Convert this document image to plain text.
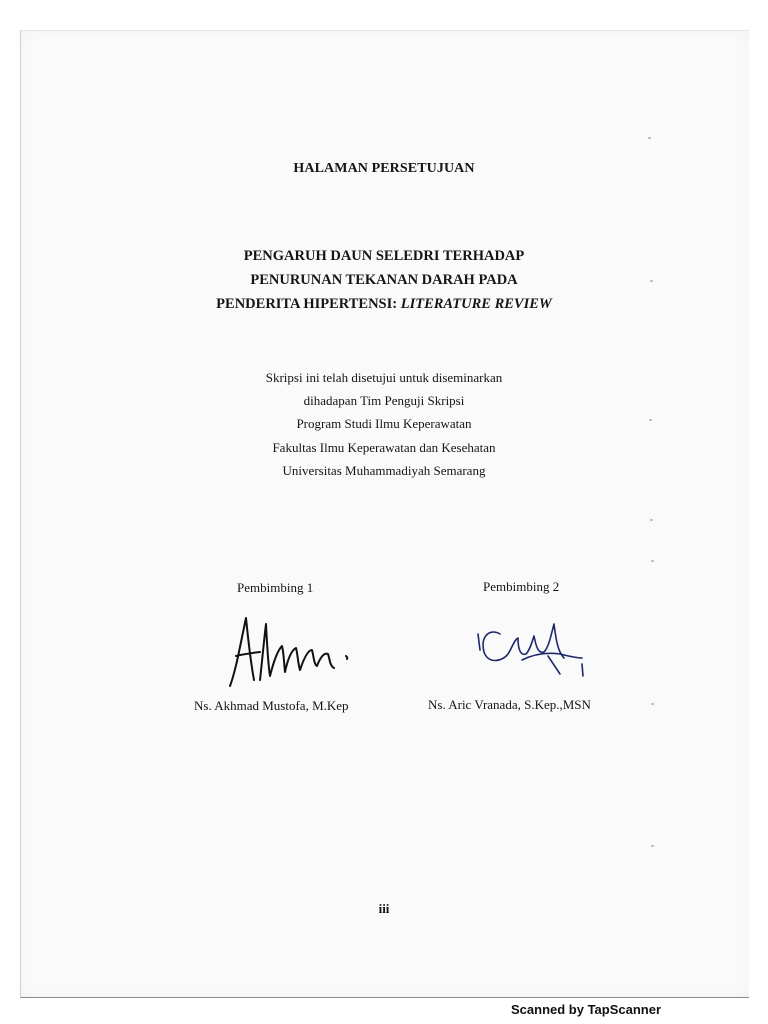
HALAMAN PERSETUJUAN
PENGARUH DAUN SELEDRI TERHADAP
PENURUNAN TEKANAN DARAH PADA
PENDERITA HIPERTENSI: LITERATURE REVIEW
Skripsi ini telah disetujui untuk diseminarkan
dihadapan Tim Penguji Skripsi
Program Studi Ilmu Keperawatan
Fakultas Ilmu Keperawatan dan Kesehatan
Universitas Muhammadiyah Semarang
Pembimbing 1
Ns. Akhmad Mustofa, M.Kep
Pembimbing 2
Ns. Aric Vranada, S.Kep.,MSN
iii
Scanned by TapScanner
